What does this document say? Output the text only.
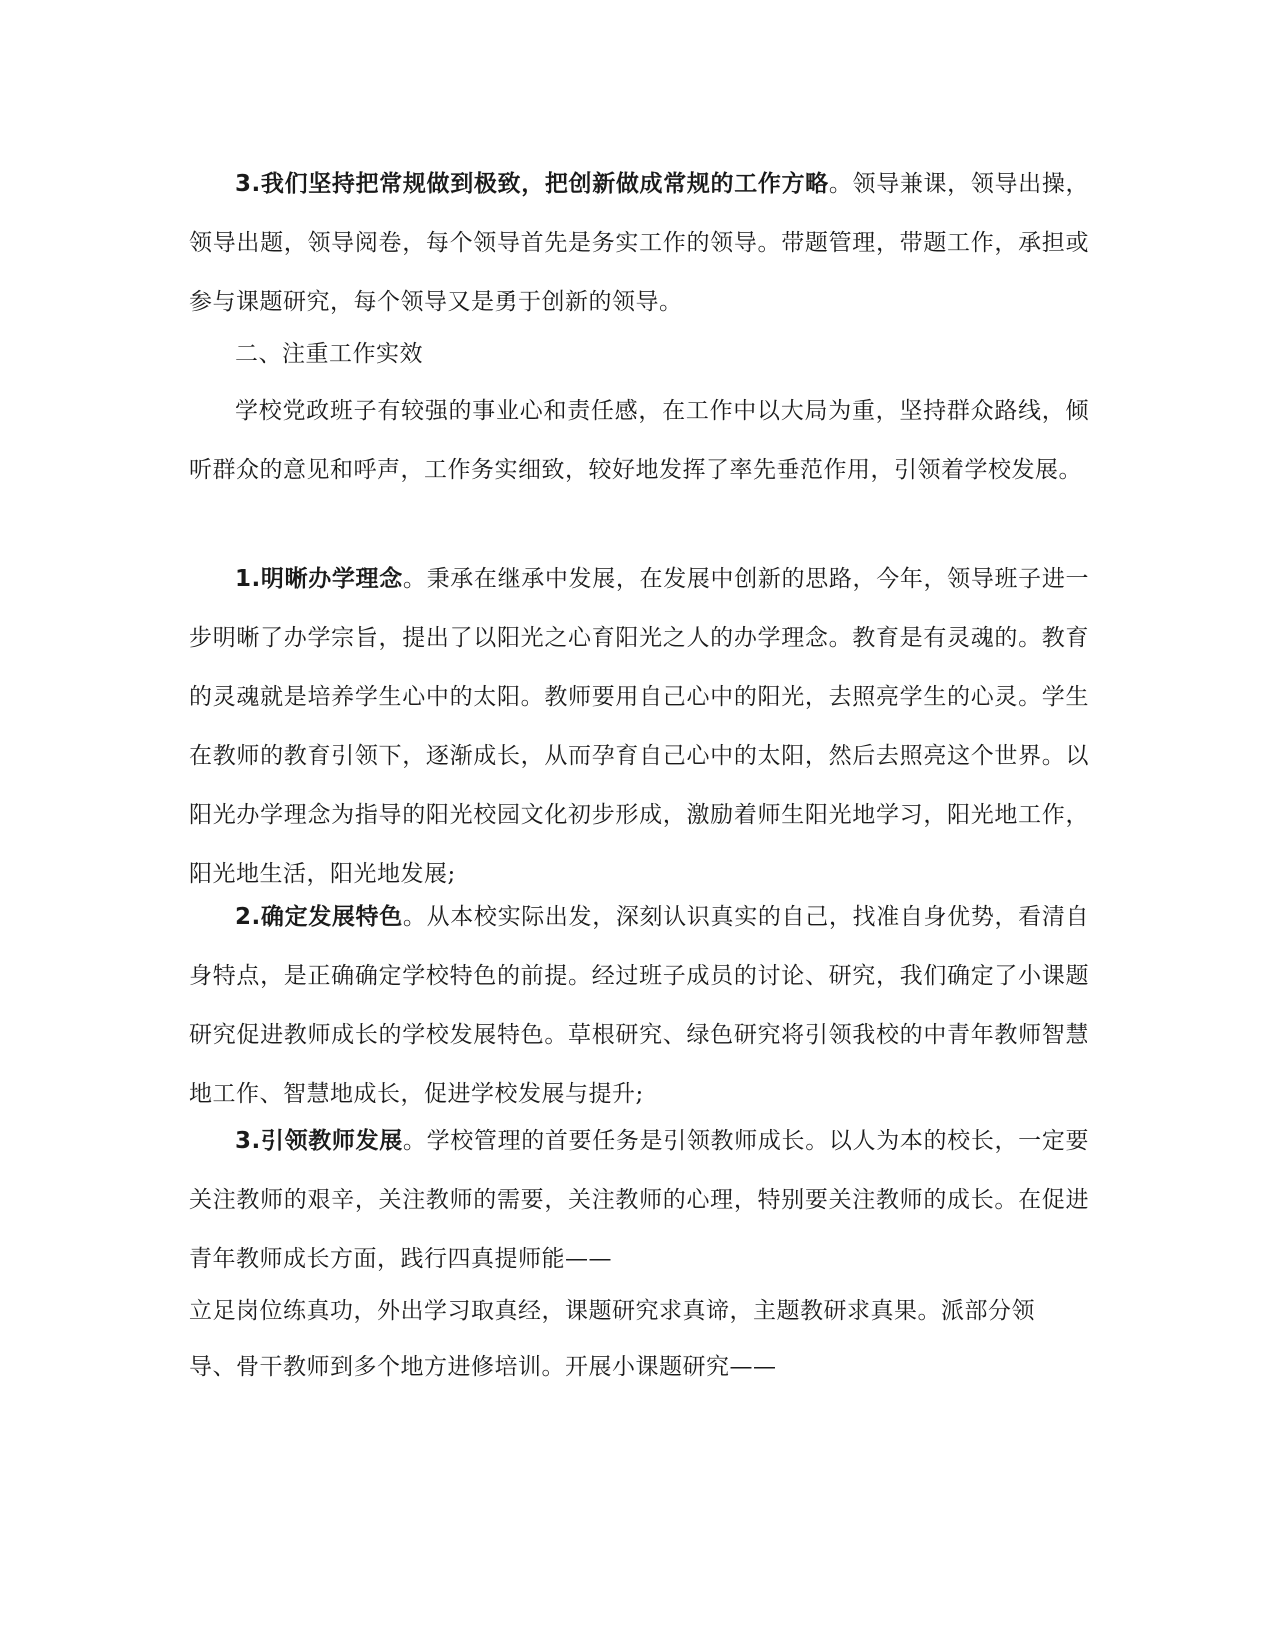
3.我们坚持把常规做到极致，把创新做成常规的工作方略。领导兼课，领导出操，领导出题，领导阅卷，每个领导首先是务实工作的领导。带题管理，带题工作，承担或参与课题研究，每个领导又是勇于创新的领导。

二、注重工作实效

学校党政班子有较强的事业心和责任感，在工作中以大局为重，坚持群众路线，倾听群众的意见和呼声，工作务实细致，较好地发挥了率先垂范作用，引领着学校发展。

1.明晰办学理念。秉承在继承中发展，在发展中创新的思路，今年，领导班子进一步明晰了办学宗旨，提出了以阳光之心育阳光之人的办学理念。教育是有灵魂的。教育的灵魂就是培养学生心中的太阳。教师要用自己心中的阳光，去照亮学生的心灵。学生在教师的教育引领下，逐渐成长，从而孕育自己心中的太阳，然后去照亮这个世界。以阳光办学理念为指导的阳光校园文化初步形成，激励着师生阳光地学习，阳光地工作，阳光地生活，阳光地发展;

2.确定发展特色。从本校实际出发，深刻认识真实的自己，找准自身优势，看清自身特点，是正确确定学校特色的前提。经过班子成员的讨论、研究，我们确定了小课题研究促进教师成长的学校发展特色。草根研究、绿色研究将引领我校的中青年教师智慧地工作、智慧地成长，促进学校发展与提升;

3.引领教师发展。学校管理的首要任务是引领教师成长。以人为本的校长，一定要关注教师的艰辛，关注教师的需要，关注教师的心理，特别要关注教师的成长。在促进青年教师成长方面，践行四真提师能——

立足岗位练真功，外出学习取真经，课题研究求真谛，主题教研求真果。派部分领

导、骨干教师到多个地方进修培训。开展小课题研究——
